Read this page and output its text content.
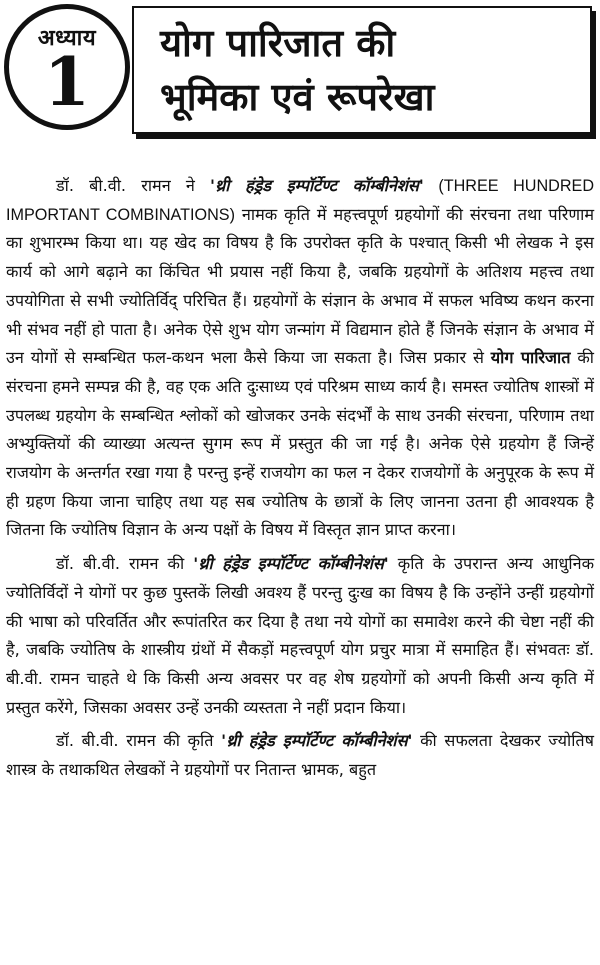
अध्याय
1	योग पारिजात की
भूमिका एवं रूपरेखा

डॉ. बी.वी. रामन ने 'थ्री हंड्रेड इम्पॉर्टेण्ट कॉम्बीनेशंस' (THREE HUNDRED IMPORTANT COMBINATIONS) नामक कृति में महत्त्वपूर्ण ग्रहयोगों की संरचना तथा परिणाम का शुभारम्भ किया था। यह खेद का विषय है कि उपरोक्त कृति के पश्चात् किसी भी लेखक ने इस कार्य को आगे बढ़ाने का किंचित भी प्रयास नहीं किया है, जबकि ग्रहयोगों के अतिशय महत्त्व तथा उपयोगिता से सभी ज्योतिर्विद् परिचित हैं। ग्रहयोगों के संज्ञान के अभाव में सफल भविष्य कथन करना भी संभव नहीं हो पाता है। अनेक ऐसे शुभ योग जन्मांग में विद्यमान होते हैं जिनके संज्ञान के अभाव में उन योगों से सम्बन्धित फल-कथन भला कैसे किया जा सकता है। जिस प्रकार से योग पारिजात की संरचना हमने सम्पन्न की है, वह एक अति दुःसाध्य एवं परिश्रम साध्य कार्य है। समस्त ज्योतिष शास्त्रों में उपलब्ध ग्रहयोग के सम्बन्धित श्लोकों को खोजकर उनके संदर्भों के साथ उनकी संरचना, परिणाम तथा अभ्युक्तियों की व्याख्या अत्यन्त सुगम रूप में प्रस्तुत की जा गई है। अनेक ऐसे ग्रहयोग हैं जिन्हें राजयोग के अन्तर्गत रखा गया है परन्तु इन्हें राजयोग का फल न देकर राजयोगों के अनुपूरक के रूप में ही ग्रहण किया जाना चाहिए तथा यह सब ज्योतिष के छात्रों के लिए जानना उतना ही आवश्यक है जितना कि ज्योतिष विज्ञान के अन्य पक्षों के विषय में विस्तृत ज्ञान प्राप्त करना।

डॉ. बी.वी. रामन की 'थ्री हंड्रेड इम्पॉर्टेण्ट कॉम्बीनेशंस' कृति के उपरान्त अन्य आधुनिक ज्योतिर्विदों ने योगों पर कुछ पुस्तकें लिखी अवश्य हैं परन्तु दुःख का विषय है कि उन्होंने उन्हीं ग्रहयोगों की भाषा को परिवर्तित और रूपांतरित कर दिया है तथा नये योगों का समावेश करने की चेष्टा नहीं की है, जबकि ज्योतिष के शास्त्रीय ग्रंथों में सैकड़ों महत्त्वपूर्ण योग प्रचुर मात्रा में समाहित हैं। संभवतः डॉ. बी.वी. रामन चाहते थे कि किसी अन्य अवसर पर वह शेष ग्रहयोगों को अपनी किसी अन्य कृति में प्रस्तुत करेंगे, जिसका अवसर उन्हें उनकी व्यस्तता ने नहीं प्रदान किया।

डॉ. बी.वी. रामन की कृति 'थ्री हंड्रेड इम्पॉर्टेण्ट कॉम्बीनेशंस' की सफलता देखकर ज्योतिष शास्त्र के तथाकथित लेखकों ने ग्रहयोगों पर नितान्त भ्रामक, बहुत
